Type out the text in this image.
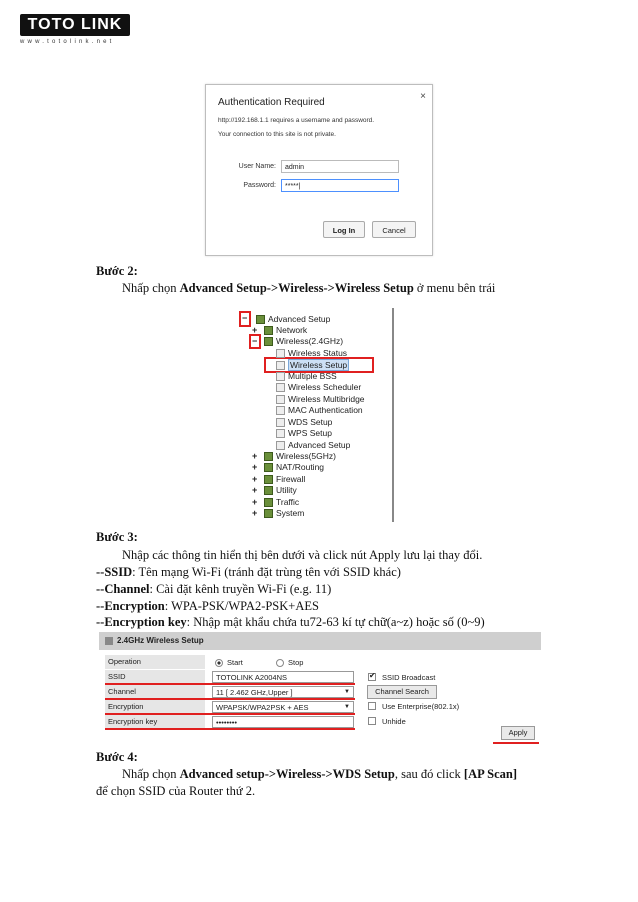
TOTO LINK
www.totolink.net
Authentication Required
×
http://192.168.1.1 requires a username and password.
Your connection to this site is not private.
User Name:	admin
Password:	*****|
Log In	Cancel
Bước 2:
Nhấp chọn Advanced Setup->Wireless->Wireless Setup ở menu bên trái
− Advanced Setup
+ Network
− Wireless(2.4GHz)
Wireless Status
Wireless Setup
Multiple BSS
Wireless Scheduler
Wireless Multibridge
MAC Authentication
WDS Setup
WPS Setup
Advanced Setup
+ Wireless(5GHz)
+ NAT/Routing
+ Firewall
+ Utility
+ Traffic
+ System
Bước 3:
Nhập các thông tin hiển thị bên dưới và click nút Apply lưu lại thay đổi.
--SSID: Tên mạng Wi-Fi (tránh đặt trùng tên với SSID khác)
--Channel: Cài đặt kênh truyền Wi-Fi (e.g. 11)
--Encryption: WPA-PSK/WPA2-PSK+AES
--Encryption key: Nhập mật khẩu chứa tu72-63 kí tự chữ(a~z) hoặc số (0~9)
2.4GHz Wireless Setup
Operation	Start	Stop
SSID	TOTOLINK A2004NS	✔ SSID Broadcast
Channel	11 [ 2.462 GHz,Upper ]	▼	Channel Search
Encryption	WPAPSK/WPA2PSK + AES	▼	Use Enterprise(802.1x)
Encryption key	••••••••	Unhide
Apply
Bước 4:
Nhấp chọn Advanced setup->Wireless->WDS Setup, sau đó click [AP Scan]
để chọn SSID của Router thứ 2.
